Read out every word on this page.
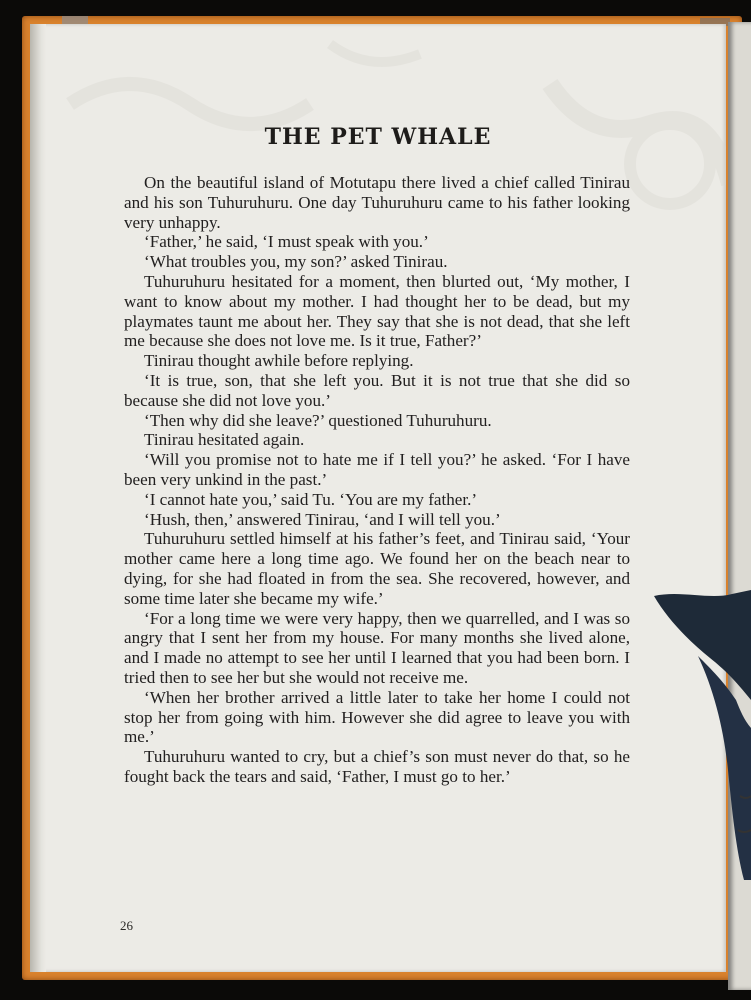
THE PET WHALE

On the beautiful island of Motutapu there lived a chief called Tinirau and his son Tuhuruhuru. One day Tuhuruhuru came to his father looking very unhappy.

‘Father,’ he said, ‘I must speak with you.’

‘What troubles you, my son?’ asked Tinirau.

Tuhuruhuru hesitated for a moment, then blurted out, ‘My mother, I want to know about my mother. I had thought her to be dead, but my playmates taunt me about her. They say that she is not dead, that she left me because she does not love me. Is it true, Father?’

Tinirau thought awhile before replying.

‘It is true, son, that she left you. But it is not true that she did so because she did not love you.’

‘Then why did she leave?’ questioned Tuhuruhuru.

Tinirau hesitated again.

‘Will you promise not to hate me if I tell you?’ he asked. ‘For I have been very unkind in the past.’

‘I cannot hate you,’ said Tu. ‘You are my father.’

‘Hush, then,’ answered Tinirau, ‘and I will tell you.’

Tuhuruhuru settled himself at his father’s feet, and Tinirau said, ‘Your mother came here a long time ago. We found her on the beach near to dying, for she had floated in from the sea. She recovered, however, and some time later she became my wife.’

‘For a long time we were very happy, then we quarrelled, and I was so angry that I sent her from my house. For many months she lived alone, and I made no attempt to see her until I learned that you had been born. I tried then to see her but she would not receive me.

‘When her brother arrived a little later to take her home I could not stop her from going with him. However she did agree to leave you with me.’

Tuhuruhuru wanted to cry, but a chief’s son must never do that, so he fought back the tears and said, ‘Father, I must go to her.’

26
